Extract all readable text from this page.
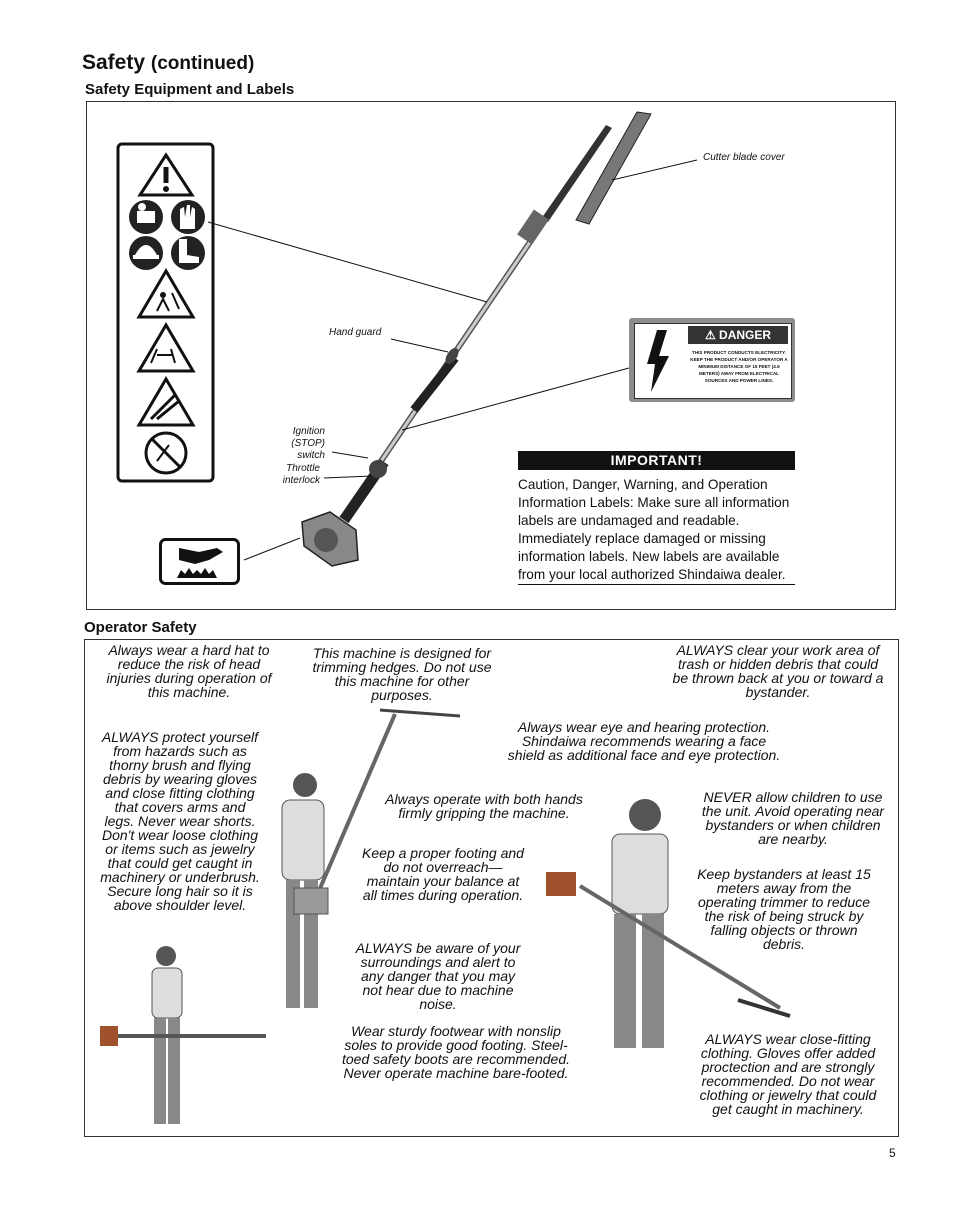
Safety (continued)
Safety Equipment and Labels
Cutter blade cover
Hand guard
Ignition
(STOP)
switch
Throttle
interlock
⚠ DANGER
THIS PRODUCT CONDUCTS ELECTRICITY. KEEP THE PRODUCT AND/OR OPERATOR A MINIMUM DISTANCE OF 15 FEET (4.5 METERS) AWAY FROM ELECTRICAL SOURCES AND POWER LINES.
IMPORTANT!
Caution, Danger, Warning, and Operation Information Labels: Make sure all information labels are undamaged and readable. Immediately replace damaged or missing information labels. New labels are available from your local authorized Shindaiwa dealer.
Operator Safety
Always wear a hard hat to reduce the risk of head injuries during operation of this machine.
This machine is designed for trimming hedges. Do not use this machine for other purposes.
ALWAYS clear your work area of trash or hidden debris that could be thrown back at you or toward a bystander.
ALWAYS protect yourself from hazards such as thorny brush and flying debris by wearing gloves and close fitting clothing that covers arms and legs. Never wear shorts. Don't wear loose clothing or items such as jewelry that could get caught in machinery or underbrush. Secure long hair so it is above shoulder level.
Always wear eye and hearing protection. Shindaiwa recommends wearing a face shield as additional face and eye protection.
Always operate with both hands firmly gripping the machine.
NEVER allow children to use the unit. Avoid operating near bystanders or when children are nearby.
Keep a proper footing and do not overreach— maintain your balance at all times during operation.
Keep bystanders at least 15 meters away from the operating trimmer to reduce the risk of being struck by falling objects or thrown debris.
ALWAYS be aware of your surroundings and alert to any danger that you may not hear due to machine noise.
Wear sturdy footwear with nonslip soles to provide good footing. Steel-toed safety boots are recommended. Never operate machine bare-footed.
ALWAYS wear close-fitting clothing. Gloves offer added proctection and are strongly recommended. Do not wear clothing or jewelry that could get caught in machinery.
5
